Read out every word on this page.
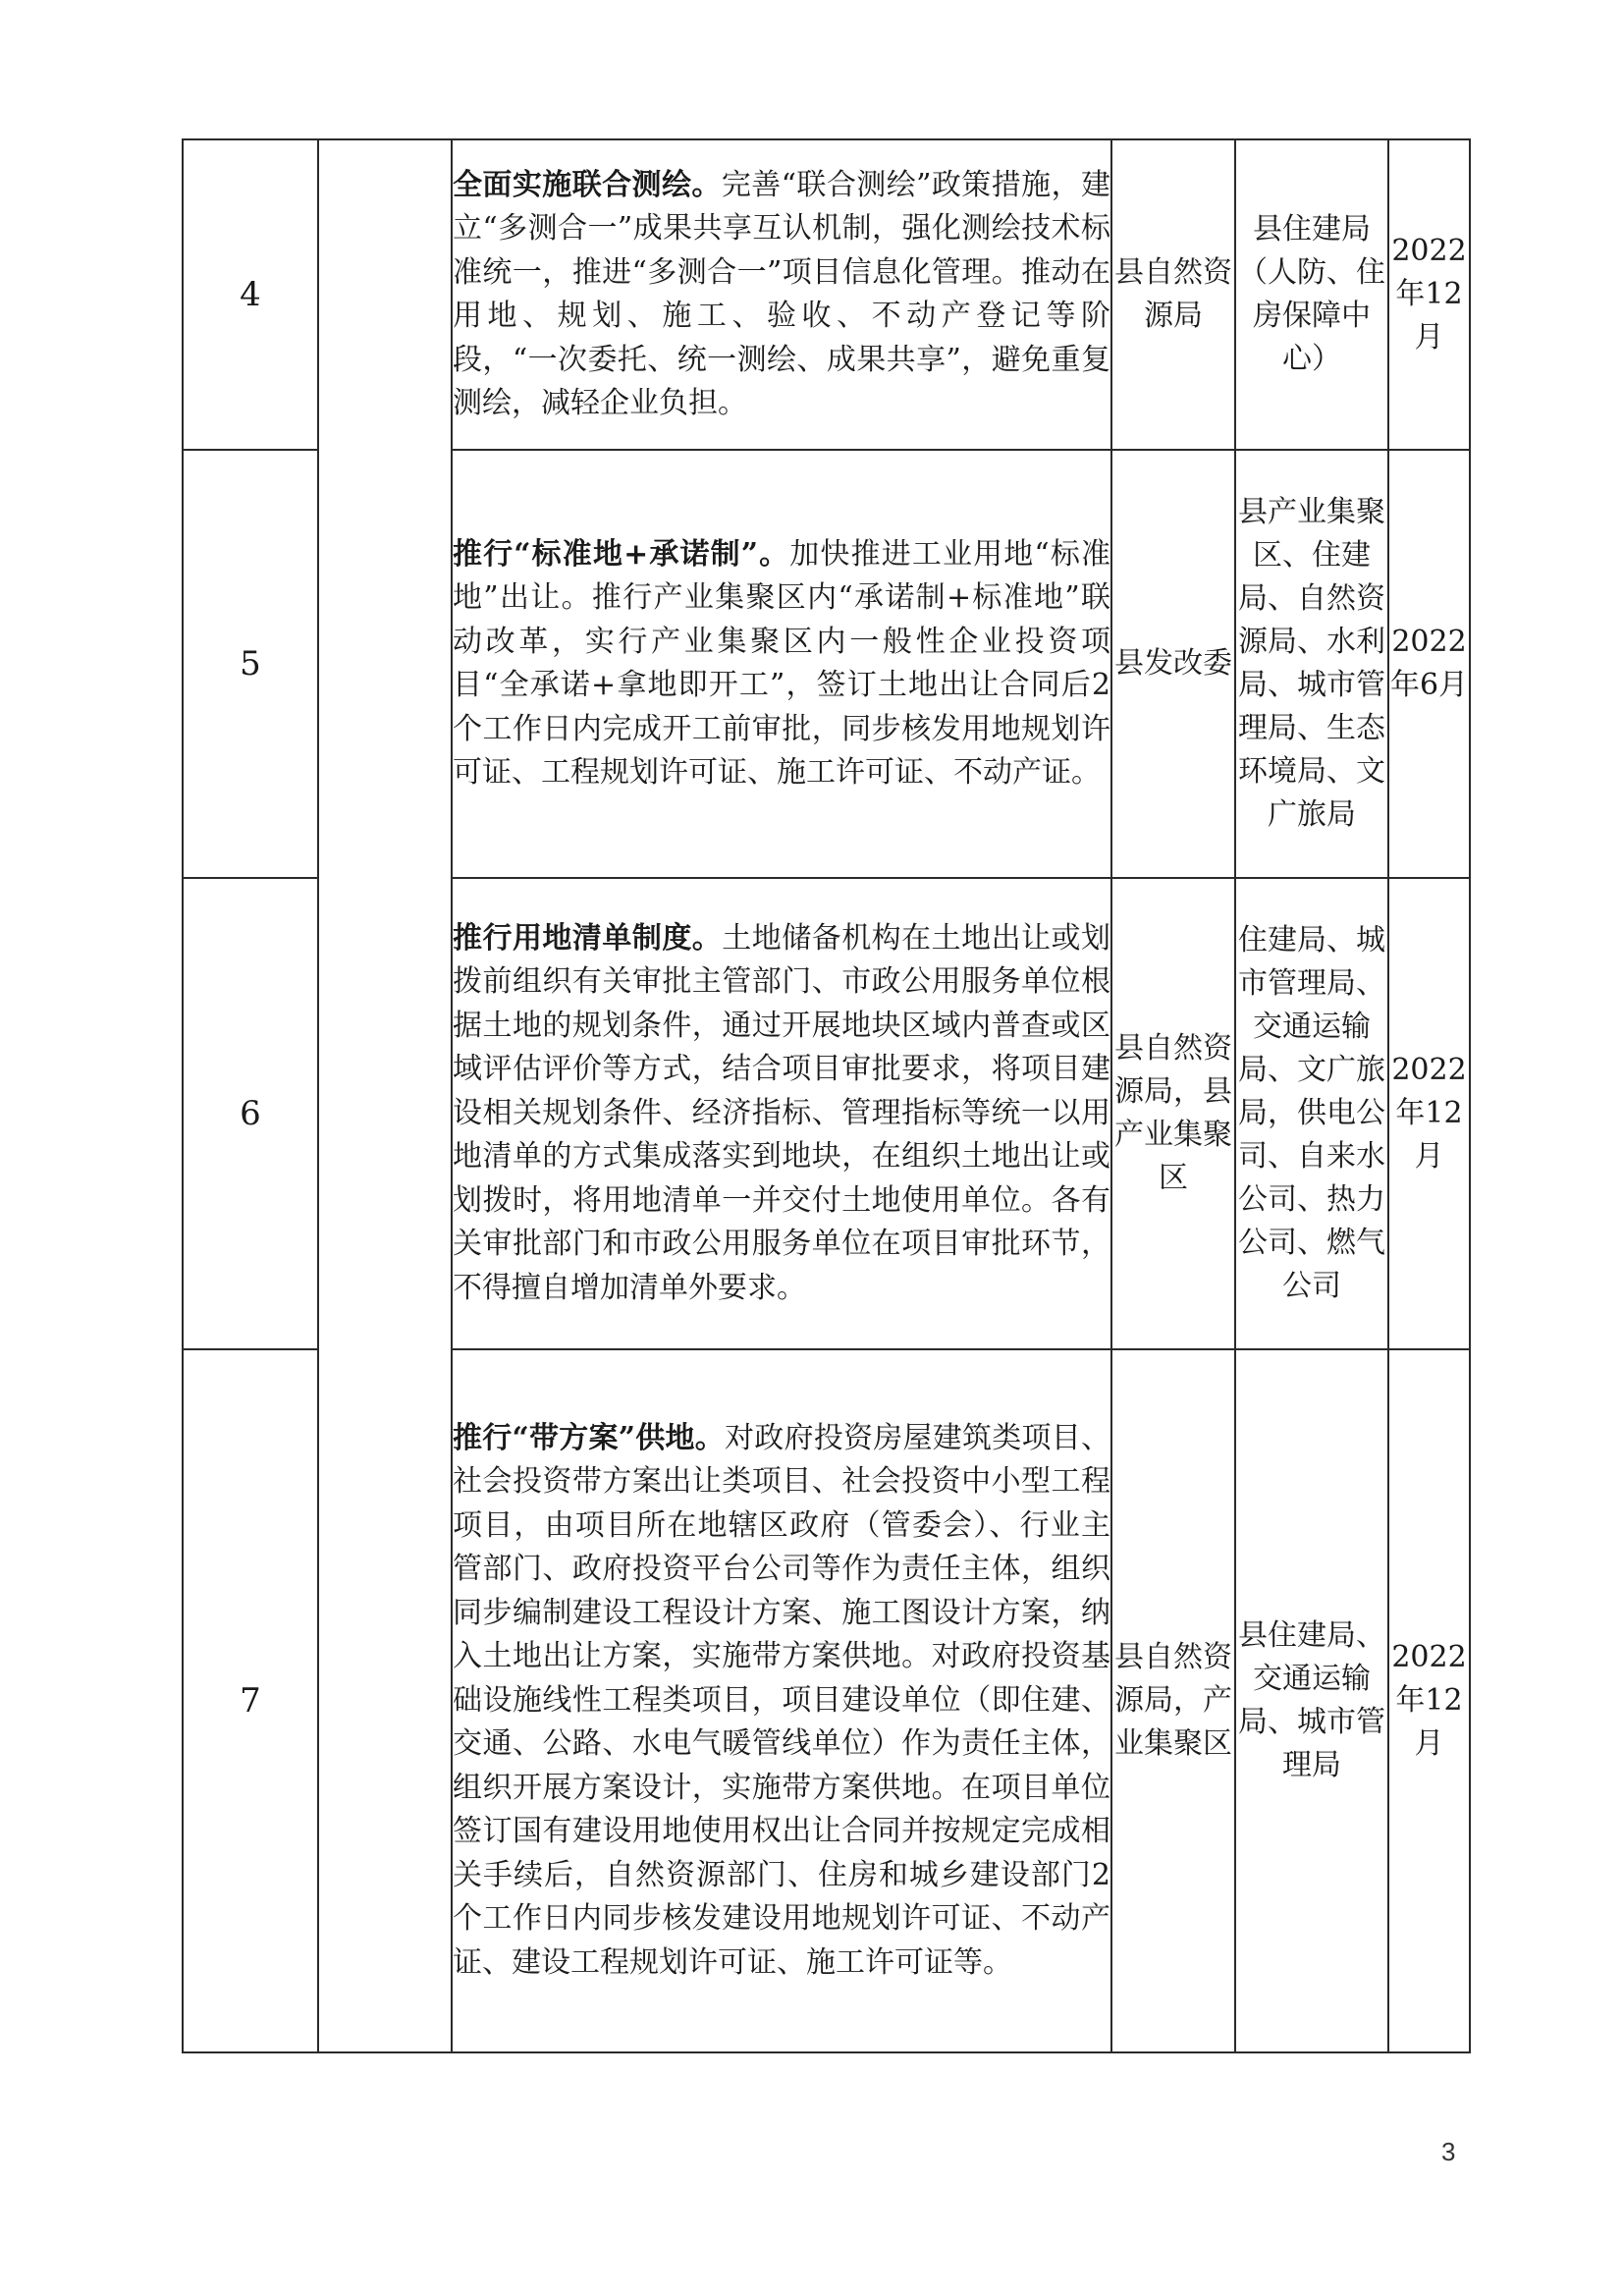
4		全面实施联合测绘。完善“联合测绘”政策措施，建立“多测合一”成果共享互认机制，强化测绘技术标准统一，推进“多测合一”项目信息化管理。推动在用地、规划、施工、验收、不动产登记等阶段，“一次委托、统一测绘、成果共享”，避免重复测绘，减轻企业负担。	县自然资源局	县住建局（人防、住房保障中心）	2022年12月
5		推行“标准地+承诺制”。加快推进工业用地“标准地”出让。推行产业集聚区内“承诺制+标准地”联动改革，实行产业集聚区内一般性企业投资项目“全承诺+拿地即开工”，签订土地出让合同后2个工作日内完成开工前审批，同步核发用地规划许可证、工程规划许可证、施工许可证、不动产证。	县发改委	县产业集聚区、住建局、自然资源局、水利局、城市管理局、生态环境局、文广旅局	2022年6月
6		推行用地清单制度。土地储备机构在土地出让或划拨前组织有关审批主管部门、市政公用服务单位根据土地的规划条件，通过开展地块区域内普查或区域评估评价等方式，结合项目审批要求，将项目建设相关规划条件、经济指标、管理指标等统一以用地清单的方式集成落实到地块，在组织土地出让或划拨时，将用地清单一并交付土地使用单位。各有关审批部门和市政公用服务单位在项目审批环节，不得擅自增加清单外要求。	县自然资源局，县产业集聚区	住建局、城市管理局、交通运输局、文广旅局，供电公司、自来水公司、热力公司、燃气公司	2022年12月
7		推行“带方案”供地。对政府投资房屋建筑类项目、社会投资带方案出让类项目、社会投资中小型工程项目，由项目所在地辖区政府（管委会）、行业主管部门、政府投资平台公司等作为责任主体，组织同步编制建设工程设计方案、施工图设计方案，纳入土地出让方案，实施带方案供地。对政府投资基础设施线性工程类项目，项目建设单位（即住建、交通、公路、水电气暖管线单位）作为责任主体，组织开展方案设计，实施带方案供地。在项目单位签订国有建设用地使用权出让合同并按规定完成相关手续后，自然资源部门、住房和城乡建设部门2个工作日内同步核发建设用地规划许可证、不动产证、建设工程规划许可证、施工许可证等。	县自然资源局，产业集聚区	县住建局、交通运输局、城市管理局	2022年12月
3
